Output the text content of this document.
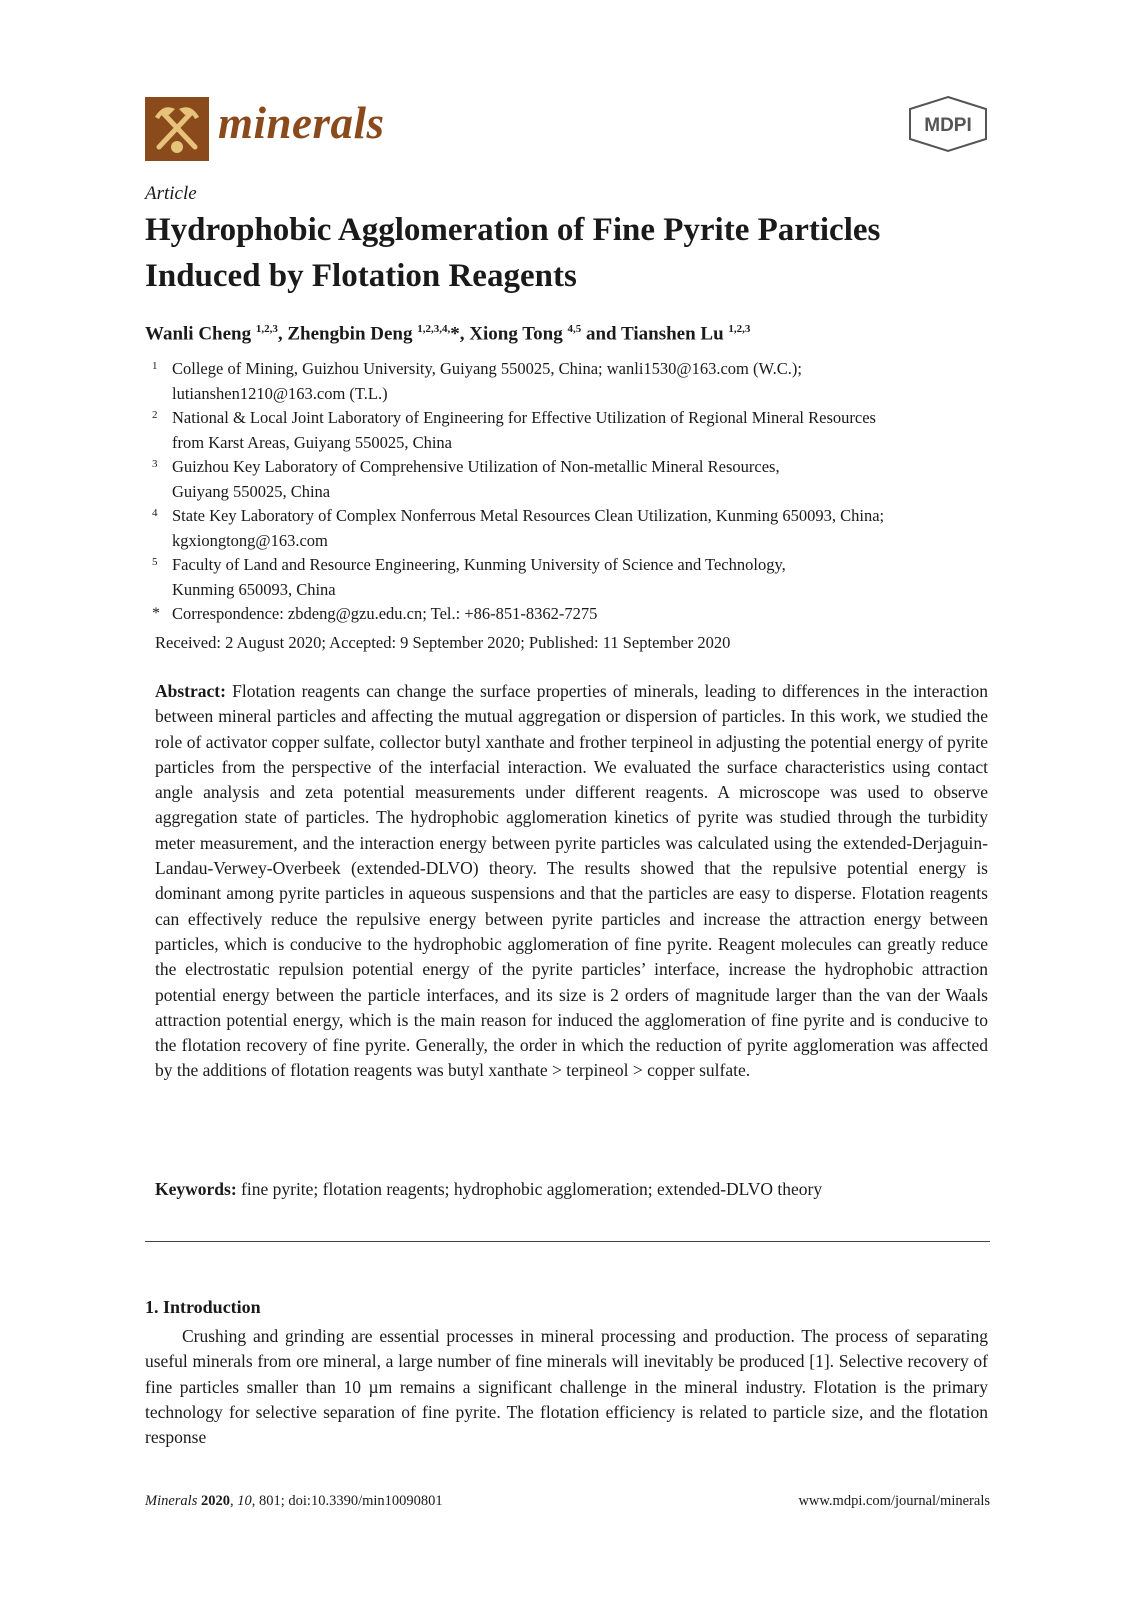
minerals	MDPI
Article
Hydrophobic Agglomeration of Fine Pyrite Particles
Induced by Flotation Reagents
Wanli Cheng $^{1,2,3}$, Zhengbin Deng $^{1,2,3,4,}$*, Xiong Tong $^{4,5}$ and Tianshen Lu $^{1,2,3}$
1 College of Mining, Guizhou University, Guiyang 550025, China; wanli1530@163.com (W.C.);
lutianshen1210@163.com (T.L.)
2 National & Local Joint Laboratory of Engineering for Effective Utilization of Regional Mineral Resources
from Karst Areas, Guiyang 550025, China
3 Guizhou Key Laboratory of Comprehensive Utilization of Non-metallic Mineral Resources,
Guiyang 550025, China
4 State Key Laboratory of Complex Nonferrous Metal Resources Clean Utilization, Kunming 650093, China;
kgxiongtong@163.com
5 Faculty of Land and Resource Engineering, Kunming University of Science and Technology,
Kunming 650093, China
* Correspondence: zbdeng@gzu.edu.cn; Tel.: +86-851-8362-7275
Received: 2 August 2020; Accepted: 9 September 2020; Published: 11 September 2020

Abstract: Flotation reagents can change the surface properties of minerals, leading to differences in the interaction between mineral particles and affecting the mutual aggregation or dispersion of particles. In this work, we studied the role of activator copper sulfate, collector butyl xanthate and frother terpineol in adjusting the potential energy of pyrite particles from the perspective of the interfacial interaction. We evaluated the surface characteristics using contact angle analysis and zeta potential measurements under different reagents. A microscope was used to observe aggregation state of particles. The hydrophobic agglomeration kinetics of pyrite was studied through the turbidity meter measurement, and the interaction energy between pyrite particles was calculated using the extended-Derjaguin-Landau-Verwey-Overbeek (extended-DLVO) theory. The results showed that the repulsive potential energy is dominant among pyrite particles in aqueous suspensions and that the particles are easy to disperse. Flotation reagents can effectively reduce the repulsive energy between pyrite particles and increase the attraction energy between particles, which is conducive to the hydrophobic agglomeration of fine pyrite. Reagent molecules can greatly reduce the electrostatic repulsion potential energy of the pyrite particles’ interface, increase the hydrophobic attraction potential energy between the particle interfaces, and its size is 2 orders of magnitude larger than the van der Waals attraction potential energy, which is the main reason for induced the agglomeration of fine pyrite and is conducive to the flotation recovery of fine pyrite. Generally, the order in which the reduction of pyrite agglomeration was affected by the additions of flotation reagents was butyl xanthate > terpineol > copper sulfate.

Keywords: fine pyrite; flotation reagents; hydrophobic agglomeration; extended-DLVO theory
1. Introduction

Crushing and grinding are essential processes in mineral processing and production. The process of separating useful minerals from ore mineral, a large number of fine minerals will inevitably be produced [1]. Selective recovery of fine particles smaller than 10 µm remains a significant challenge in the mineral industry. Flotation is the primary technology for selective separation of fine pyrite. The flotation efficiency is related to particle size, and the flotation response

Minerals 2020, 10, 801; doi:10.3390/min10090801	www.mdpi.com/journal/minerals
